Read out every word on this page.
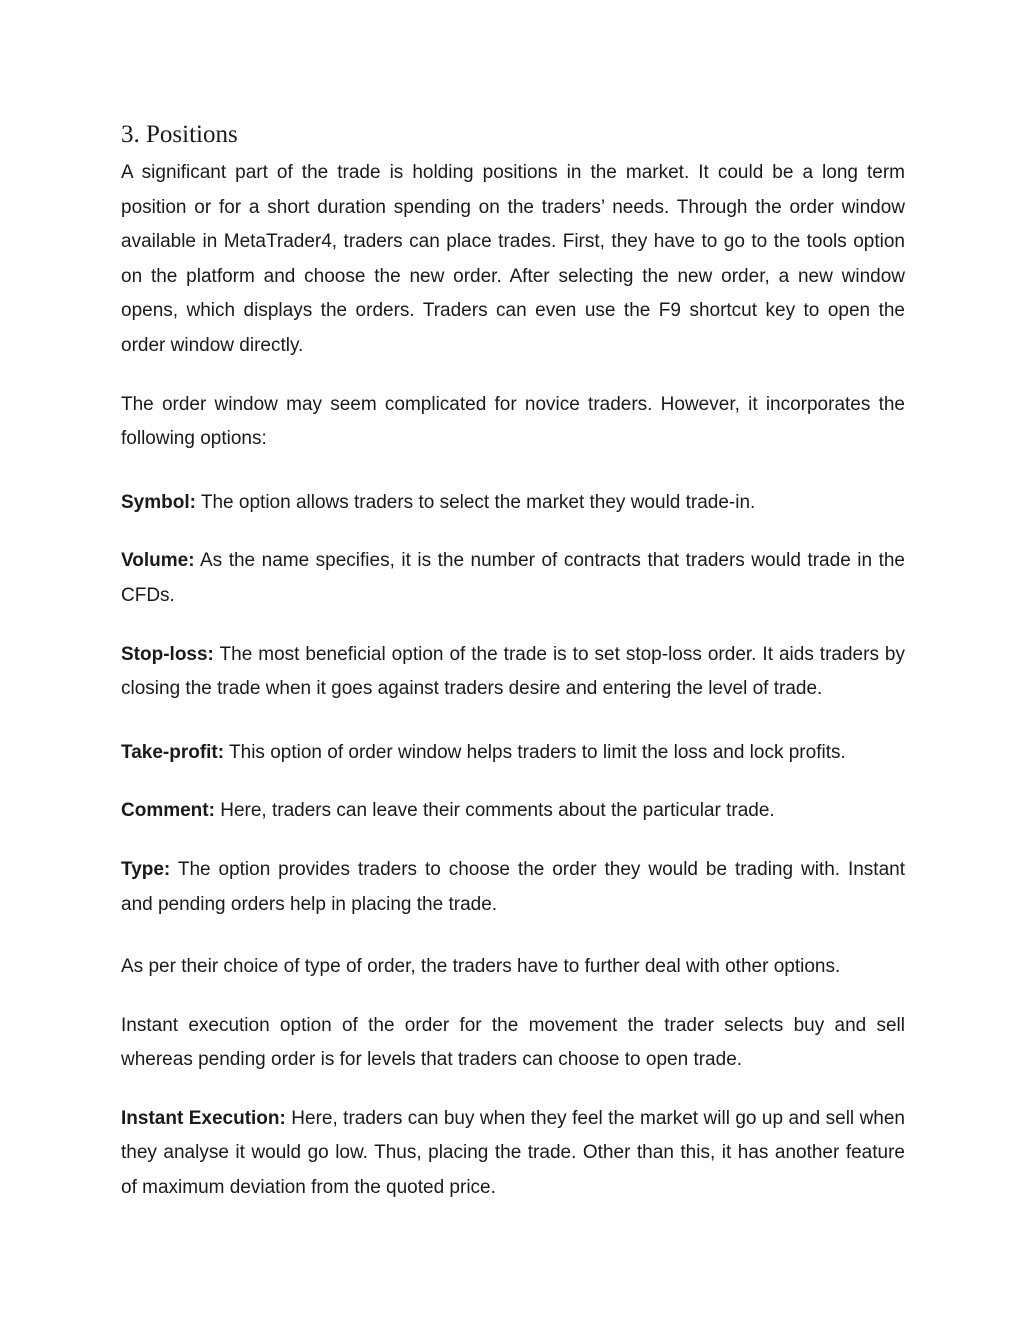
3. Positions

A significant part of the trade is holding positions in the market. It could be a long term position or for a short duration spending on the traders’ needs. Through the order window available in MetaTrader4, traders can place trades. First, they have to go to the tools option on the platform and choose the new order. After selecting the new order, a new window opens, which displays the orders. Traders can even use the F9 shortcut key to open the order window directly.

The order window may seem complicated for novice traders. However, it incorporates the following options:

Symbol: The option allows traders to select the market they would trade-in.

Volume: As the name specifies, it is the number of contracts that traders would trade in the CFDs.

Stop-loss: The most beneficial option of the trade is to set stop-loss order. It aids traders by closing the trade when it goes against traders desire and entering the level of trade.

Take-profit: This option of order window helps traders to limit the loss and lock profits.

Comment: Here, traders can leave their comments about the particular trade.

Type: The option provides traders to choose the order they would be trading with. Instant and pending orders help in placing the trade.

As per their choice of type of order, the traders have to further deal with other options.

Instant execution option of the order for the movement the trader selects buy and sell whereas pending order is for levels that traders can choose to open trade.

Instant Execution: Here, traders can buy when they feel the market will go up and sell when they analyse it would go low. Thus, placing the trade. Other than this, it has another feature of maximum deviation from the quoted price.
